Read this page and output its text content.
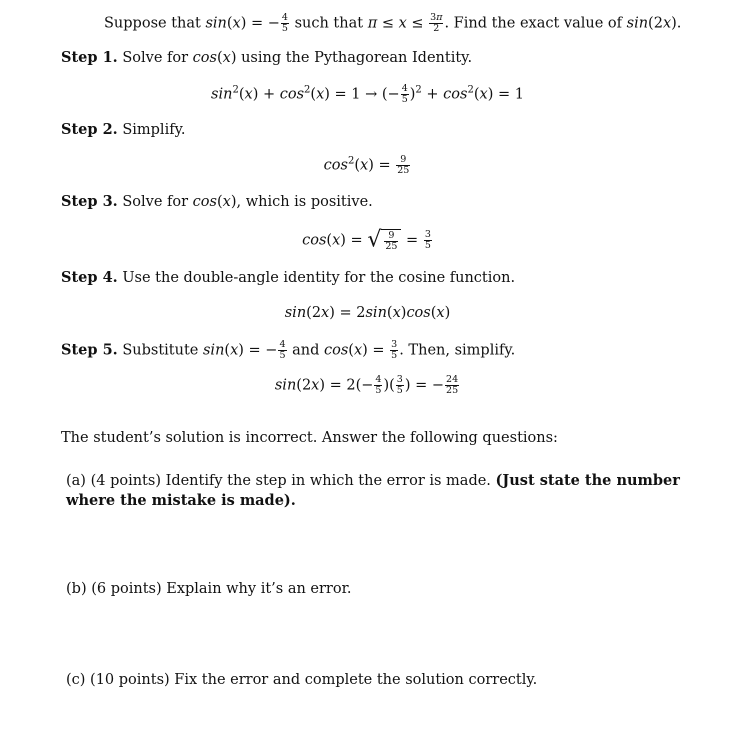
Suppose that sin(x) = − $\frac{4}{5}$ such that $\pi \le x \le \frac{3\pi}{2}$ . Find the exact value of sin(2x).
Step 1. Solve for cos(x) using the Pythagorean Identity.
$\sin^2(x) + \cos^2(x) = 1$ → (− $\frac{4}{5} )^2 + \cos^2(x) = 1$
Step 2. Simplify.
$\cos^2(x) = \frac{9}{25}$
Step 3. Solve for cos(x), which is positive.
cos(x) = √ $\frac{9}{25} = \frac{3}{5}$
Step 4. Use the double-angle identity for the cosine function.
sin(2x) = 2sin(x)cos(x)
Step 5. Substitute sin(x) = − $\frac{4}{5}$ and $\cos(x) = \frac{3}{5}$ . Then, simplify.
$\sin(2x) = 2(- \frac{4}{5}$ )( $\frac{3}{5}$ ) = − $\frac{24}{25}$
The student’s solution is incorrect. Answer the following questions:
(a) (4 points) Identify the step in which the error is made. (Just state the number where the mistake is made).
(b) (6 points) Explain why it’s an error.
(c) (10 points) Fix the error and complete the solution correctly.
